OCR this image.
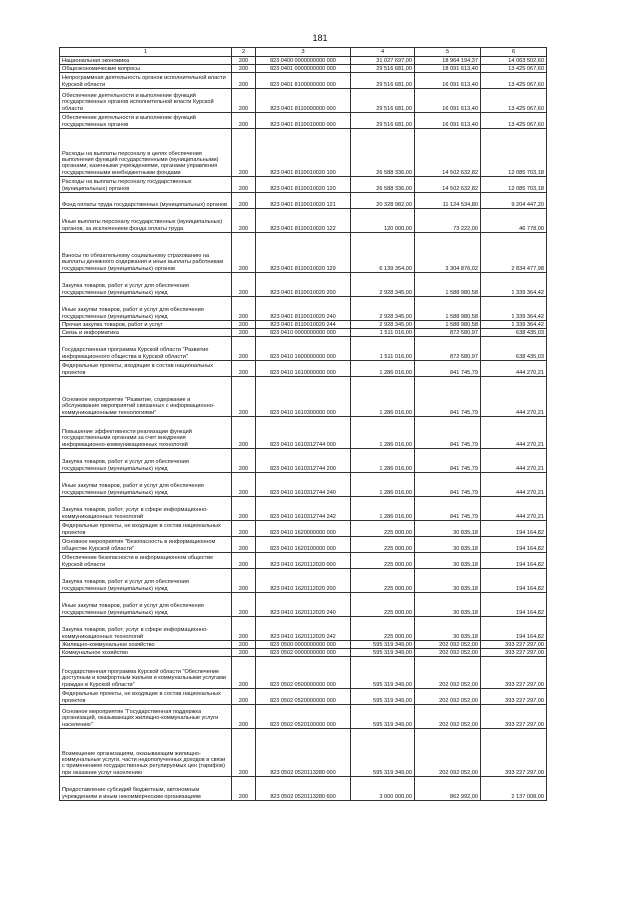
181
1	2	3	4	5	6
Национальная экономика	200	823 0400 0000000000 000	31 027 697,00	18 964 194,37	14 063 502,60
Общеэкономические вопросы	200	823 0401 0000000000 000	29 516 681,00	18 091 613,40	13 425 067,60
Непрограммная деятельность органов исполнительной власти Курской области	200	823 0401 8100000000 000	29 516 681,00	16 091 613,40	13 425 067,60
Обеспечение деятельности и выполнение функций государственных органов исполнительной власти Курской области	200	823 0401 8110000000 000	29 516 681,00	16 091 613,40	13 425 067,60
Обеспечение деятельности и выполнение функций государственных органов	200	823 0401 8110010000 000	29 516 681,00	16 091 613,40	13 425 067,60
Расходы на выплаты персоналу в целях обеспечения выполнения функций государственными (муниципальными) органами, казенными учреждениями, органами управления государственными внебюджетными фондами	200	823 0401 8110010020 100	26 588 336,00	14 502 632,82	12 085 703,18
Расходы на выплаты персоналу государственных (муниципальных) органов	200	823 0401 8110010020 120	26 588 336,00	14 502 632,82	12 085 703,18
Фонд оплаты труда государственных (муниципальных) органов	200	823 0401 8110010020 121	20 328 982,00	11 124 534,80	9 204 447,20
Иные выплаты персоналу государственных (муниципальных) органов, за исключением фонда оплаты труда	200	823 0401 8110010020 122	120 000,00	73 222,00	46 778,00
Взносы по обязательному социальному страхованию на выплаты денежного содержания и иные выплаты работникам государственных (муниципальных) органов	200	823 0401 8110010020 129	6 139 354,00	3 304 876,02	2 834 477,98
Закупка товаров, работ и услуг для обеспечения государственных (муниципальных) нужд	200	823 0401 8110010020 200	2 928 345,00	1 588 980,58	1 339 364,42
Иные закупки товаров, работ и услуг для обеспечения государственных (муниципальных) нужд	200	823 0401 8110010020 240	2 928 345,00	1 588 980,58	1 339 364,42
Прочая закупка товаров, работ и услуг	200	823 0401 8110010020 244	2 928 345,00	1 588 980,58	1 339 364,42
Связь и информатика	200	823 0410 0000000000 000	1 511 016,00	872 580,97	638 435,03
Государственная программа Курской области "Развитие информационного общества в Курской области"	200	823 0410 1600000000 000	1 511 016,00	872 580,97	638 435,03
Федеральные проекты, входящие в состав национальных проектов	200	823 0410 1610000000 000	1 286 016,00	841 745,79	444 270,21
Основное мероприятие "Развитие, содержание и обслуживание мероприятий связанных с информационно-коммуникационными технологиями"	200	823 0410 1610300000 000	1 286 016,00	841 745,79	444 270,21
Повышение эффективности реализации функций государственными органами за счет внедрения информационно-коммуникационных технологий	200	823 0410 1610312744 000	1 286 016,00	841 745,79	444 270,21
Закупка товаров, работ и услуг для обеспечения государственных (муниципальных) нужд	200	823 0410 1610312744 200	1 286 016,00	841 745,79	444 270,21
Иные закупки товаров, работ и услуг для обеспечения государственных (муниципальных) нужд	200	823 0410 1610312744 240	1 286 016,00	841 745,79	444 270,21
Закупка товаров, работ, услуг в сфере информационно-коммуникационных технологий	200	823 0410 1610312744 242	1 286 016,00	841 745,79	444 270,21
Федеральные проекты, не входящие в состав национальных проектов	200	823 0410 1620000000 000	225 000,00	30 835,18	194 164,82
Основное мероприятие "Безопасность в информационном обществе Курской области"	200	823 0410 1620100000 000	225 000,00	30 835,18	194 164,82
Обеспечение безопасности в информационном обществе Курской области	200	823 0410 1620112020 000	225 000,00	30 835,18	194 164,82
Закупка товаров, работ и услуг для обеспечения государственных (муниципальных) нужд	200	823 0410 1620112020 200	225 000,00	30 835,18	194 164,82
Иные закупки товаров, работ и услуг для обеспечения государственных (муниципальных) нужд	200	823 0410 1620112020 240	225 000,00	30 835,18	194 164,82
Закупка товаров, работ, услуг в сфере информационно-коммуникационных технологий	200	823 0410 1620112020 242	225 000,00	30 835,18	194 164,82
Жилищно-коммунальное хозяйство	200	823 0500 0000000000 000	595 319 349,00	202 092 052,00	393 227 297,00
Коммунальное хозяйство	200	823 0502 0000000000 000	595 319 349,00	202 092 052,00	393 227 297,00
Государственная программа Курской области "Обеспечение доступным и комфортным жильем и коммунальными услугами граждан в Курской области"	200	823 0502 0500000000 000	595 319 349,00	202 092 052,00	393 227 297,00
Федеральные проекты, не входящие в состав национальных проектов	200	823 0502 0520000000 000	595 319 349,00	202 092 052,00	393 227 297,00
Основное мероприятие "Государственная поддержка организаций, оказывающих жилищно-коммунальные услуги населению"	200	823 0502 0520100000 000	595 319 349,00	202 092 052,00	393 227 297,00
Возмещение организациям, оказывающим жилищно-коммунальные услуги, части недополученных доходов в связи с применением государственных регулируемых цен (тарифов) при оказании услуг населению	200	823 0502 0520113280 000	595 319 349,00	202 092 052,00	393 227 297,00
Предоставление субсидий бюджетным, автономным учреждениям и иным некоммерческим организациям	200	823 0502 0520113280 600	3 000 000,00	862 992,00	2 137 008,00
